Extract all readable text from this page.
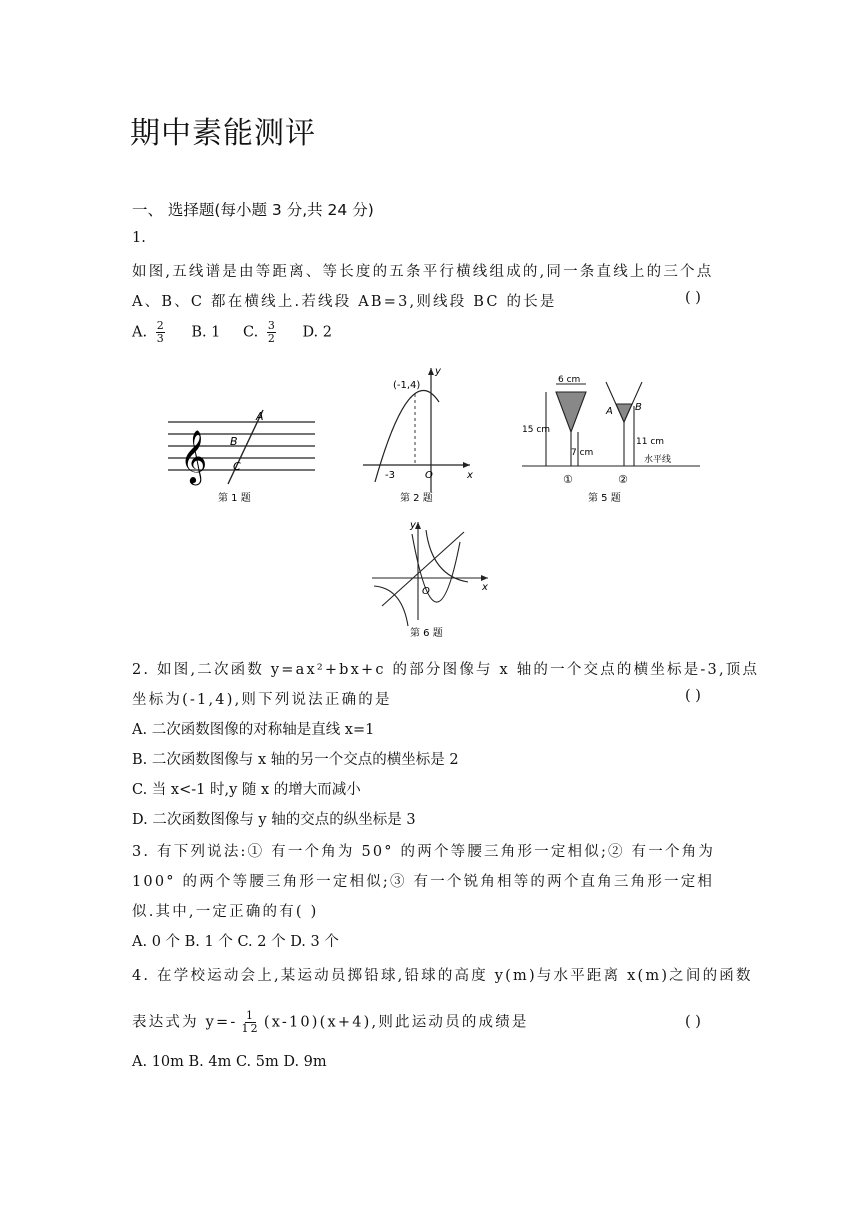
期中素能测评
一、 选择题(每小题 3 分,共 24 分)
1.
如图,五线谱是由等距离、等长度的五条平行横线组成的,同一条直线上的三个点
A、B、C 都在横线上.若线段 AB=3,则线段 BC 的长是	( )
A. $\frac{2}{3} B$. 1 C. $\frac{3}{2} D$. 2
𝄞
A
B
C
第 1 题
(-1,4)
-3	O	x
y
第 2 题
6 cm
15 cm
7 cm
11 cm
水平线
A B
①	②
第 5 题
O	x
y
第 6 题
2. 如图,二次函数 y=ax²+bx+c 的部分图像与 x 轴的一个交点的横坐标是-3,顶点
坐标为(-1,4),则下列说法正确的是	( )
A. 二次函数图像的对称轴是直线 x=1
B. 二次函数图像与 x 轴的另一个交点的横坐标是 2
C. 当 x<-1 时,y 随 x 的增大而减小
D. 二次函数图像与 y 轴的交点的纵坐标是 3
3. 有下列说法:① 有一个角为 50° 的两个等腰三角形一定相似;② 有一个角为
100° 的两个等腰三角形一定相似;③ 有一个锐角相等的两个直角三角形一定相
似.其中,一定正确的有( )
A. 0 个 B. 1 个 C. 2 个 D. 3 个
4. 在学校运动会上,某运动员掷铅球,铅球的高度 y(m)与水平距离 x(m)之间的函数
表达式为 $y=- \frac{1}{12} (x-10)(x+4)$,则此运动员的成绩是	( )
A. 10m B. 4m C. 5m D. 9m
